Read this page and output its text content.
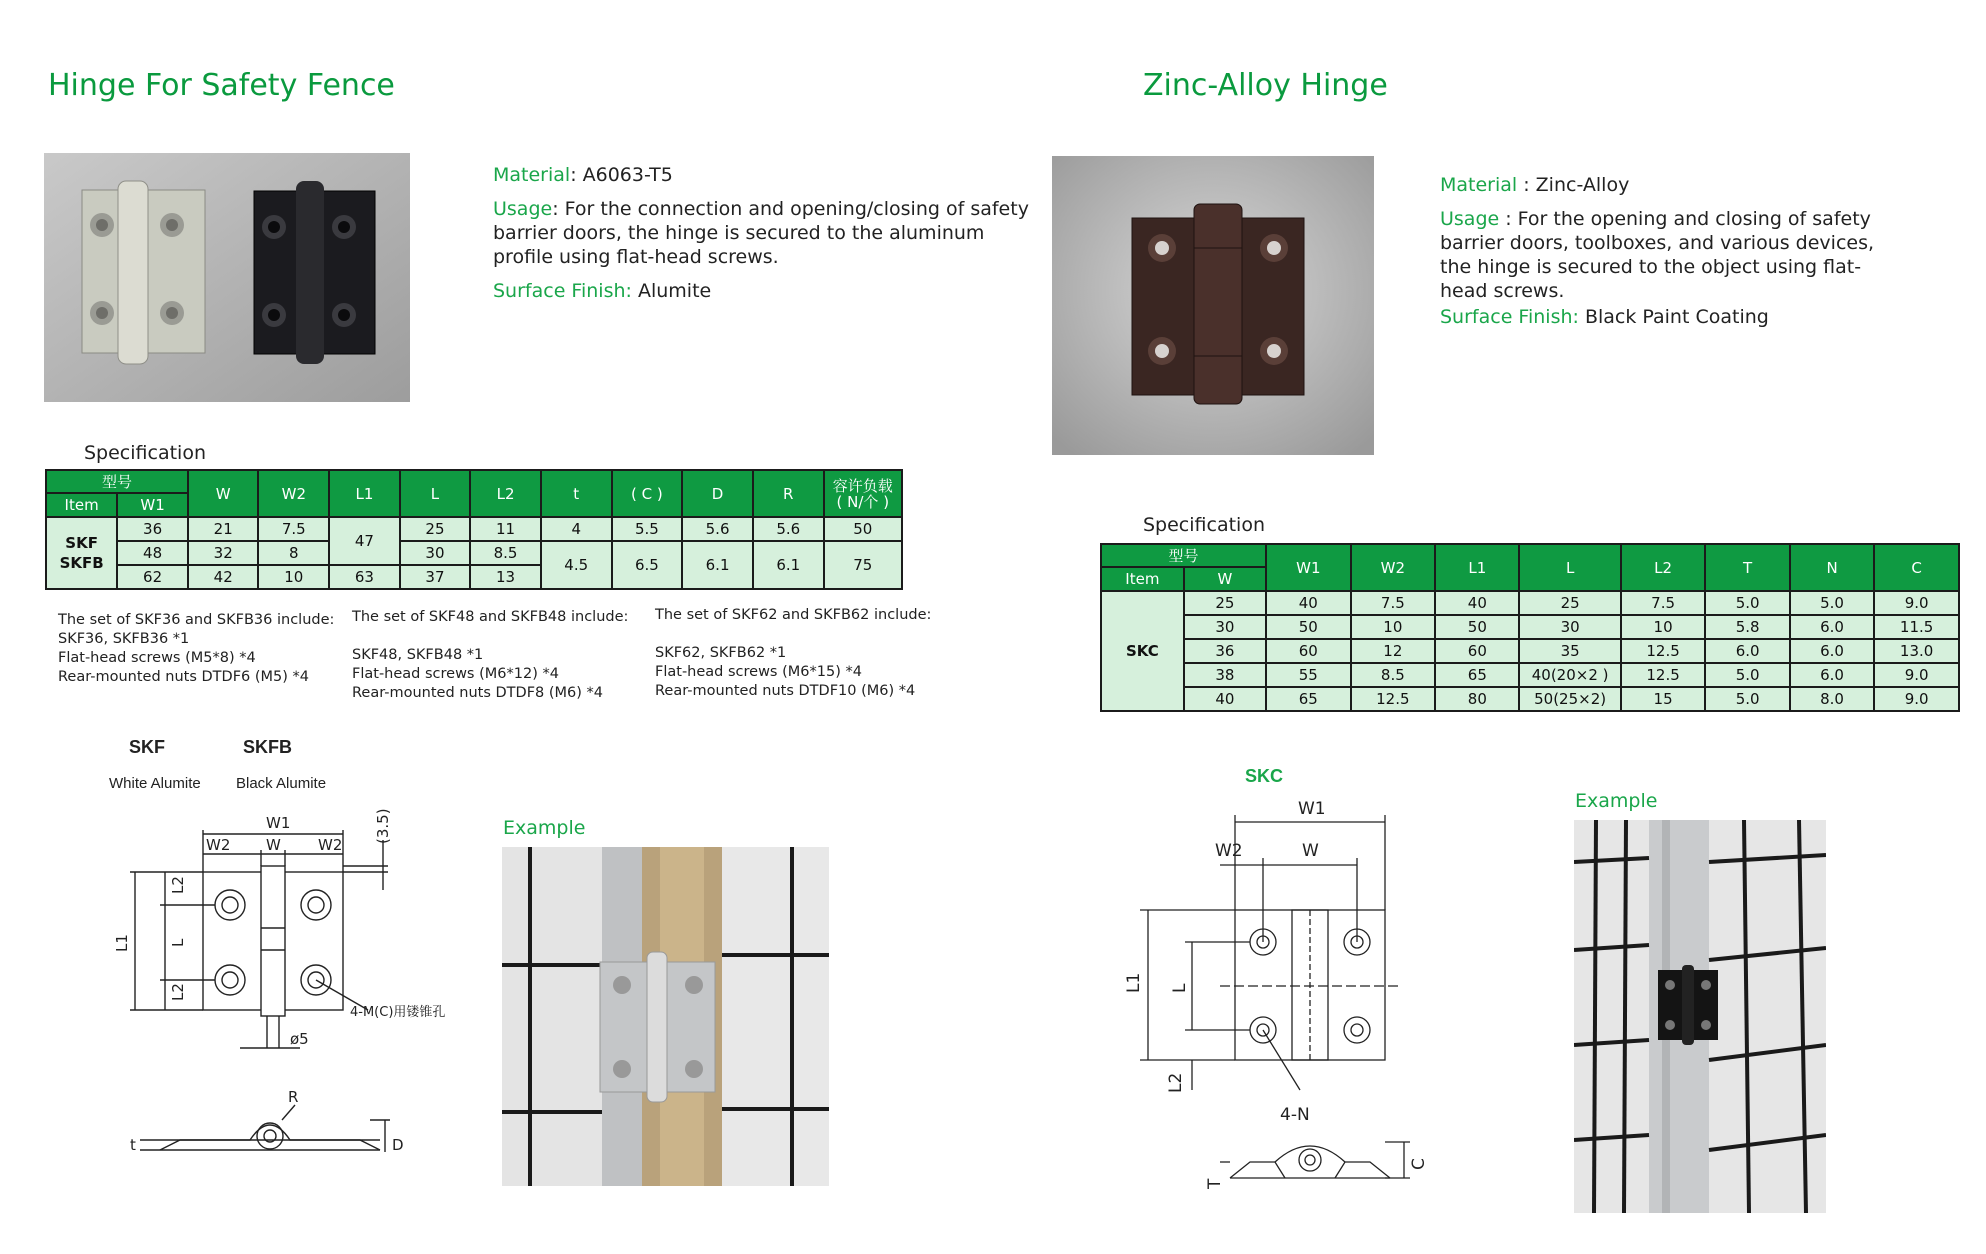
Hinge For Safety Fence

Material: A6063-T5

Usage: For the connection and opening/closing of safety barrier doors, the hinge is secured to the aluminum profile using flat-head screws.

Surface Finish: Alumite

Specification
型号		W	W2	L1	L	L2	t	( C )	D	R	容许负载
( N/个 )
Item	W1										
SKF
SKFB	36	21	7.5	47	25	11	4	5.5	5.6	5.6	50
	48	32	8		30	8.5	4.5	6.5	6.1	6.1	75
	62	42	10	63	37	13					
The set of SKF36 and SKFB36 include:
SKF36, SKFB36 *1
Flat-head screws (M5*8) *4
Rear-mounted nuts DTDF6 (M5) *4
The set of SKF48 and SKFB48 include:
SKF48, SKFB48 *1
Flat-head screws (M6*12) *4
Rear-mounted nuts DTDF8 (M6) *4
The set of SKF62 and SKFB62 include:
SKF62, SKFB62 *1
Flat-head screws (M6*15) *4
Rear-mounted nuts DTDF10 (M6) *4
SKF	SKFB
White Alumite Black Alumite
W1
W2 W W2
(3.5)
L2
L
L2
L1
4-M(C)用镂锥孔
ø5
R
t	D
Example
Zinc-Alloy Hinge

Material : Zinc-Alloy

Usage : For the opening and closing of safety barrier doors, toolboxes, and various devices, the hinge is secured to the object using flat-head screws.

Surface Finish: Black Paint Coating

Specification
型号		W1	W2	L1	L	L2	T	N	C
Item	W								
SKC	25	40	7.5	40	25	7.5	5.0	5.0	9.0
	30	50	10	50	30	10	5.8	6.0	11.5
	36	60	12	60	35	12.5	6.0	6.0	13.0
	38	55	8.5	65	40(20×2 )	12.5	5.0	6.0	9.0
	40	65	12.5	80	50(25×2)	15	5.0	8.0	9.0
SKC
W1
W2	W
L1 L
L2
4-N
T
C
Example
